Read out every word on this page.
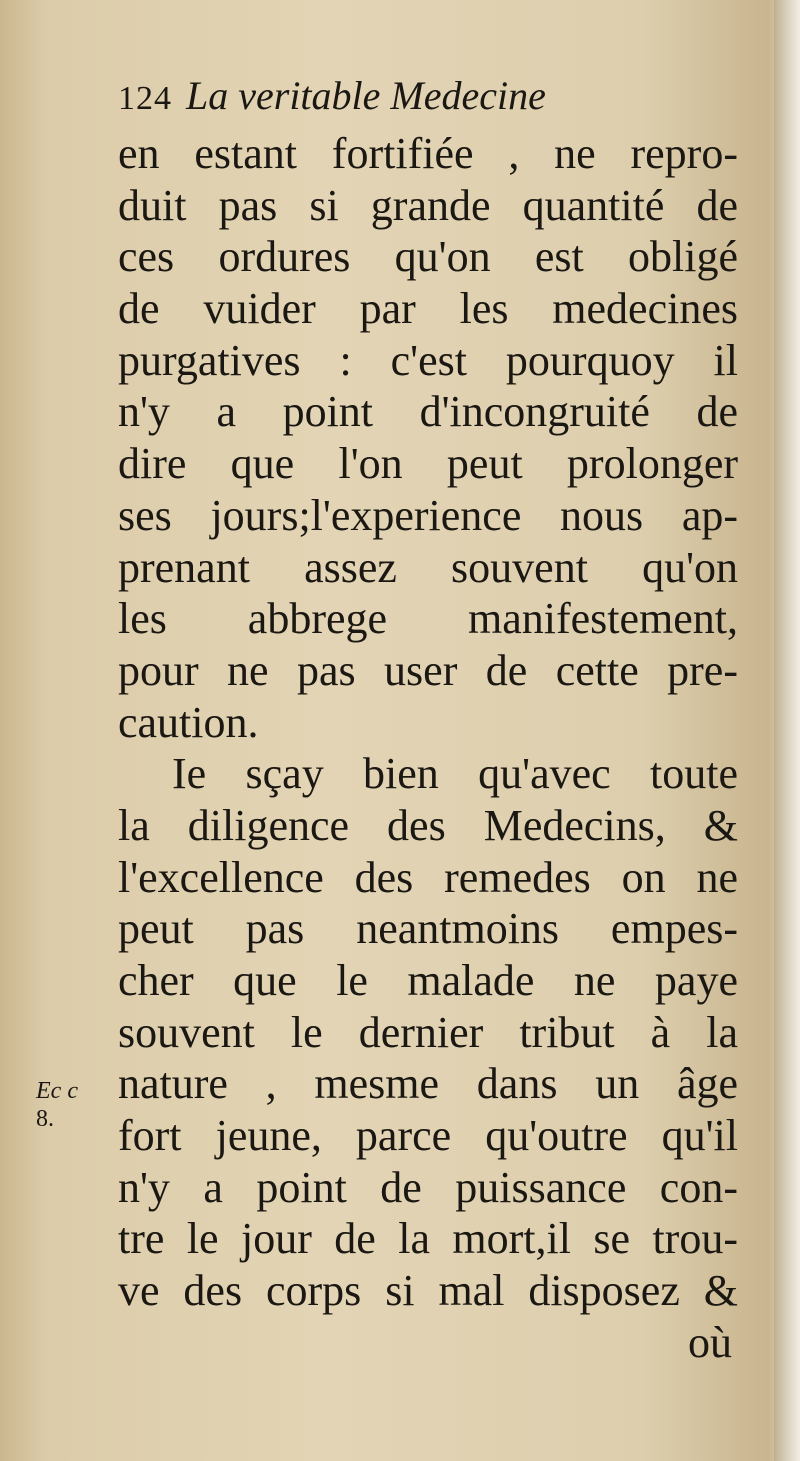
124 La veritable Medecine
Ec c
8.
en estant fortifiée , ne repro-
duit pas si grande quantité de
ces ordures qu'on est obligé
de vuider par les medecines
purgatives : c'est pourquoy il
n'y a point d'incongruité de
dire que l'on peut prolonger
ses jours;l'experience nous ap-
prenant assez souvent qu'on
les abbrege manifestement,
pour ne pas user de cette pre-
caution.
Ie sçay bien qu'avec toute
la diligence des Medecins, &
l'excellence des remedes on ne
peut pas neantmoins empes-
cher que le malade ne paye
souvent le dernier tribut à la
nature , mesme dans un âge
fort jeune, parce qu'outre qu'il
n'y a point de puissance con-
tre le jour de la mort,il se trou-
ve des corps si mal disposez &
où
